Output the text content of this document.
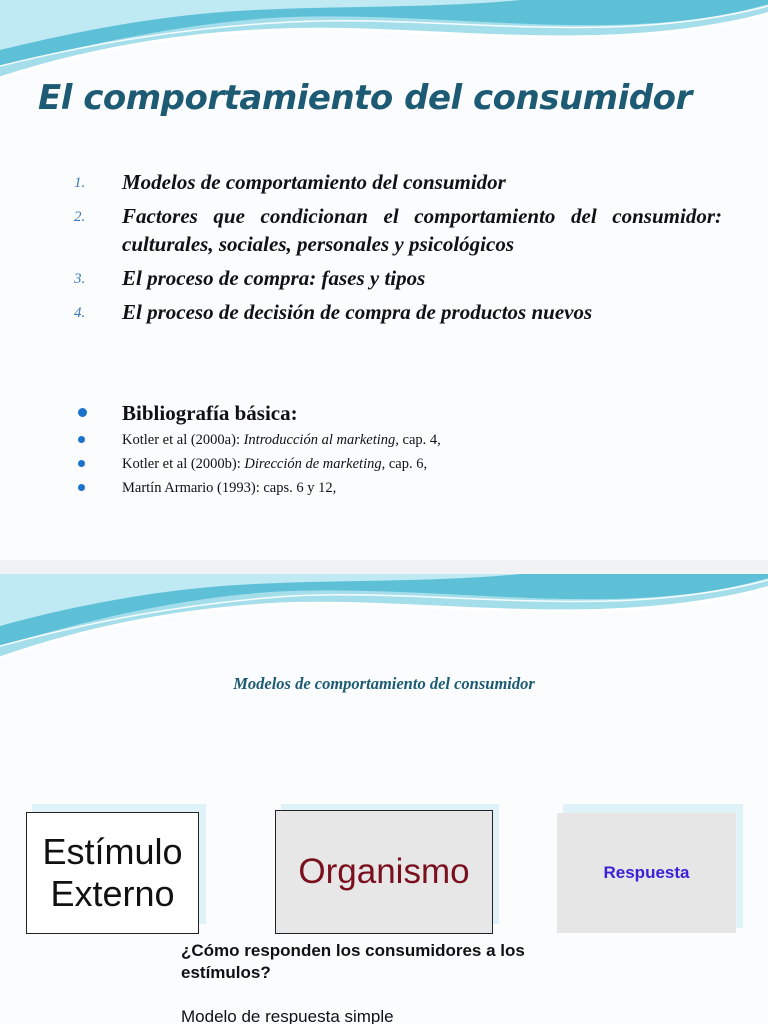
El comportamiento del consumidor
1. Modelos de comportamiento del consumidor
2. Factores que condicionan el comportamiento del consumidor: culturales, sociales, personales y psicológicos
3. El proceso de compra: fases y tipos
4. El proceso de decisión de compra de productos nuevos
Bibliografía básica:
Kotler et al (2000a): Introducción al marketing, cap. 4,
Kotler et al (2000b): Dirección de marketing, cap. 6,
Martín Armario (1993): caps. 6 y 12,
Modelos de comportamiento del consumidor
Estímulo Externo
Organismo	Respuesta

¿Cómo responden los consumidores a los estímulos?

Modelo de respuesta simple
